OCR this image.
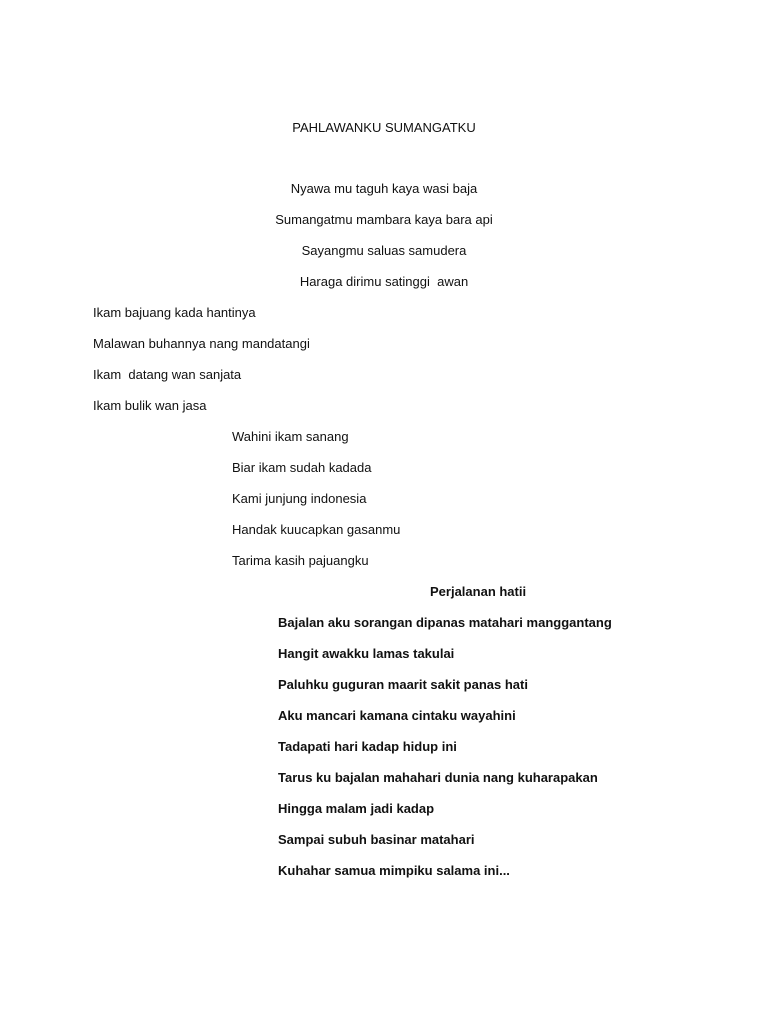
PAHLAWANKU SUMANGATKU
Nyawa mu taguh kaya wasi baja
Sumangatmu mambara kaya bara api
Sayangmu saluas samudera
Haraga dirimu satinggi  awan
Ikam bajuang kada hantinya
Malawan buhannya nang mandatangi
Ikam  datang wan sanjata
Ikam bulik wan jasa
Wahini ikam sanang
Biar ikam sudah kadada
Kami junjung indonesia
Handak kuucapkan gasanmu
Tarima kasih pajuangku
Perjalanan hatii
Bajalan aku sorangan dipanas matahari manggantang
Hangit awakku lamas takulai
Paluhku guguran maarit sakit panas hati
Aku mancari kamana cintaku wayahini
Tadapati hari kadap hidup ini
Tarus ku bajalan mahahari dunia nang kuharapakan
Hingga malam jadi kadap
Sampai subuh basinar matahari
Kuhahar samua mimpiku salama ini...
